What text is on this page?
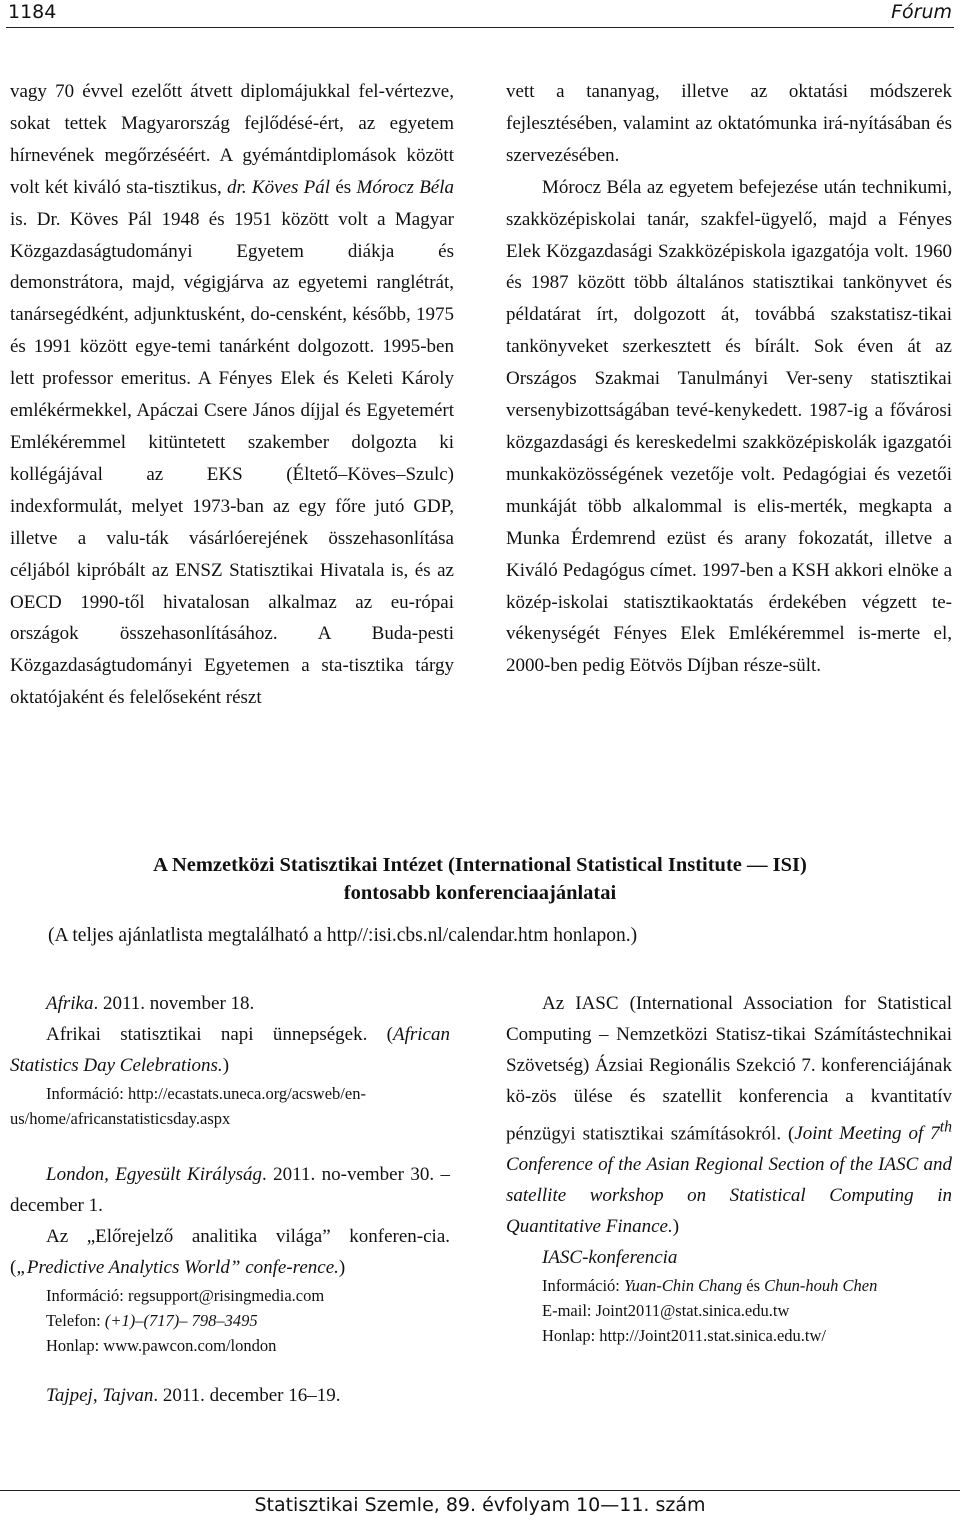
1184	Fórum

vagy 70 évvel ezelőtt átvett diplomájukkal fel-vértezve, sokat tettek Magyarország fejlődésé-ért, az egyetem hírnevének megőrzéséért. A gyémántdiplomások között volt két kiváló sta-tisztikus, dr. Köves Pál és Mórocz Béla is. Dr. Köves Pál 1948 és 1951 között volt a Magyar Közgazdaságtudományi Egyetem diákja és demonstrátora, majd, végigjárva az egyetemi ranglétrát, tanársegédként, adjunktusként, do-censként, később, 1975 és 1991 között egye-temi tanárként dolgozott. 1995-ben lett professor emeritus. A Fényes Elek és Keleti Károly emlékérmekkel, Apáczai Csere János díjjal és Egyetemért Emlékéremmel kitüntetett szakember dolgozta ki kollégájával az EKS (Éltető–Köves–Szulc) indexformulát, melyet 1973-ban az egy főre jutó GDP, illetve a valu-ták vásárlóerejének összehasonlítása céljából kipróbált az ENSZ Statisztikai Hivatala is, és az OECD 1990-től hivatalosan alkalmaz az eu-rópai országok összehasonlításához. A Buda-pesti Közgazdaságtudományi Egyetemen a sta-tisztika tárgy oktatójaként és felelőseként részt

vett a tananyag, illetve az oktatási módszerek fejlesztésében, valamint az oktatómunka irá-nyításában és szervezésében.

Mórocz Béla az egyetem befejezése után technikumi, szakközépiskolai tanár, szakfel-ügyelő, majd a Fényes Elek Közgazdasági Szakközépiskola igazgatója volt. 1960 és 1987 között több általános statisztikai tankönyvet és példatárat írt, dolgozott át, továbbá szakstatisz-tikai tankönyveket szerkesztett és bírált. Sok éven át az Országos Szakmai Tanulmányi Ver-seny statisztikai versenybizottságában tevé-kenykedett. 1987-ig a fővárosi közgazdasági és kereskedelmi szakközépiskolák igazgatói munkaközösségének vezetője volt. Pedagógiai és vezetői munkáját több alkalommal is elis-merték, megkapta a Munka Érdemrend ezüst és arany fokozatát, illetve a Kiváló Pedagógus címet. 1997-ben a KSH akkori elnöke a közép-iskolai statisztikaoktatás érdekében végzett te-vékenységét Fényes Elek Emlékéremmel is-merte el, 2000-ben pedig Eötvös Díjban része-sült.

A Nemzetközi Statisztikai Intézet (International Statistical Institute — ISI)
fontosabb konferenciaajánlatai
(A teljes ajánlatlista megtalálható a http//:isi.cbs.nl/calendar.htm honlapon.)

Afrika. 2011. november 18.

Afrikai statisztikai napi ünnepségek. (African Statistics Day Celebrations.)

Információ: http://ecastats.uneca.org/acsweb/en-us/home/africanstatisticsday.aspx

London, Egyesült Királyság. 2011. no-vember 30. – december 1.

Az „Előrejelző analitika világa” konferen-cia. („Predictive Analytics World” confe-rence.)

Információ: regsupport@risingmedia.com

Telefon: (+1)–(717)– 798–3495

Honlap: www.pawcon.com/london

Tajpej, Tajvan. 2011. december 16–19.

Az IASC (International Association for Statistical Computing – Nemzetközi Statisz-tikai Számítástechnikai Szövetség) Ázsiai Regionális Szekció 7. konferenciájának kö-zös ülése és szatellit konferencia a kvantitatív pénzügyi statisztikai számításokról. (Joint Meeting of 7th Conference of the Asian Regional Section of the IASC and satellite workshop on Statistical Computing in Quantitative Finance.)

IASC-konferencia

Információ: Yuan-Chin Chang és Chun-houh Chen

E-mail: Joint2011@stat.sinica.edu.tw

Honlap: http://Joint2011.stat.sinica.edu.tw/

Statisztikai Szemle, 89. évfolyam 10—11. szám
